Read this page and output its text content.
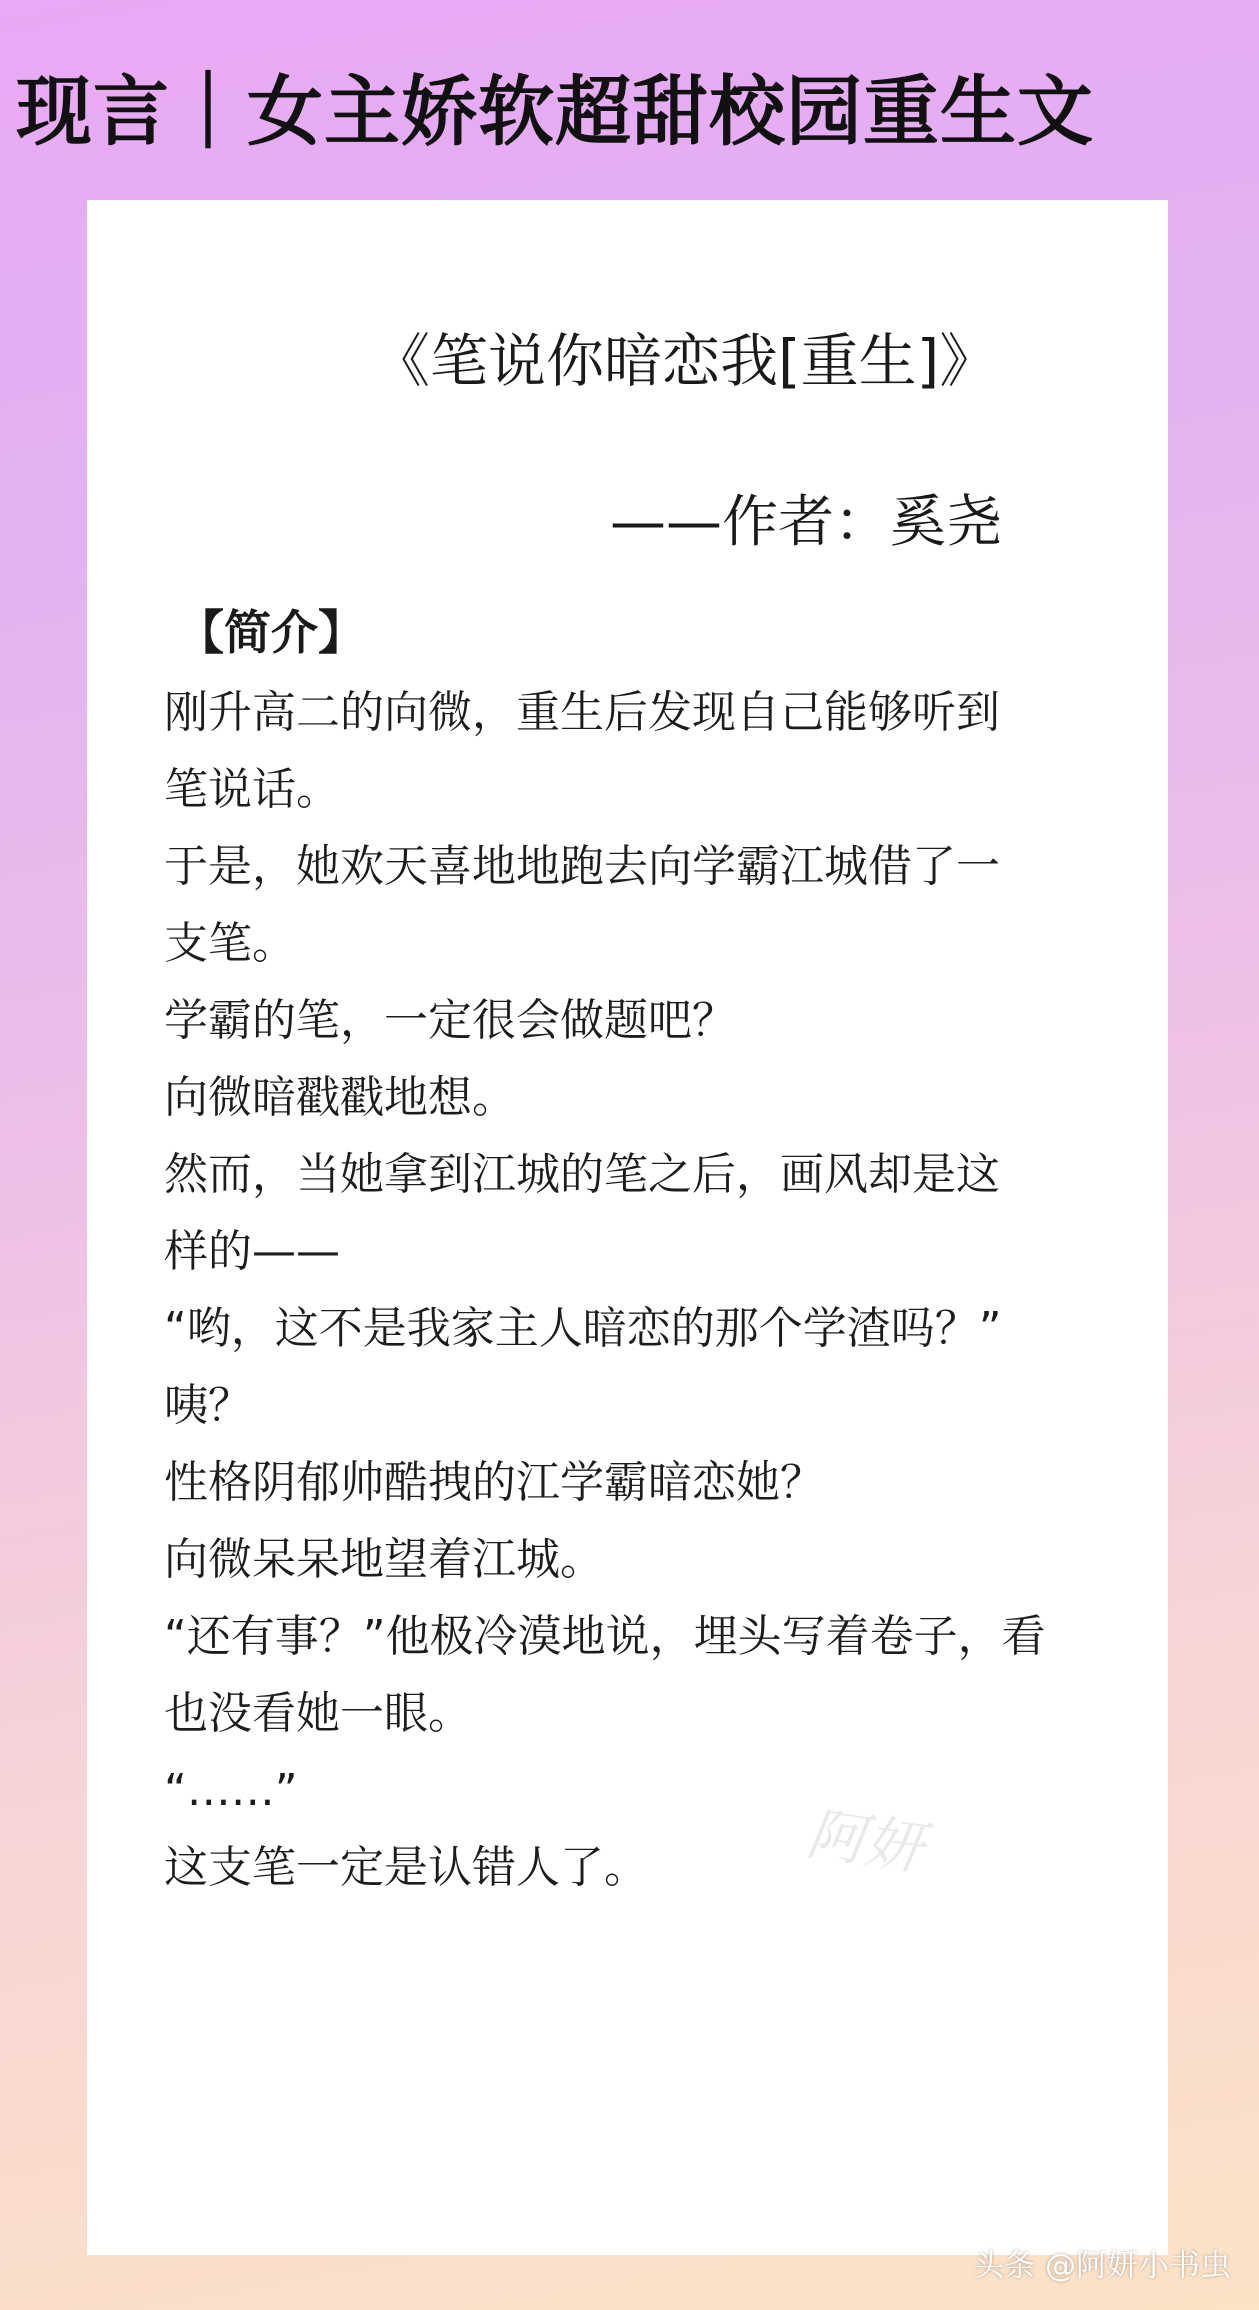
现言｜女主娇软超甜校园重生文
《笔说你暗恋我[重生]》
——作者：奚尧
【简介】
刚升高二的向微，重生后发现自己能够听到
笔说话。
于是，她欢天喜地地跑去向学霸江城借了一
支笔。
学霸的笔，一定很会做题吧？
向微暗戳戳地想。
然而，当她拿到江城的笔之后，画风却是这
样的——
“哟，这不是我家主人暗恋的那个学渣吗？”
咦？
性格阴郁帅酷拽的江学霸暗恋她？
向微呆呆地望着江城。
“还有事？”他极冷漠地说，埋头写着卷子，看
也没看她一眼。
“……”
这支笔一定是认错人了。	阿妍
头条 @阿妍小书虫
